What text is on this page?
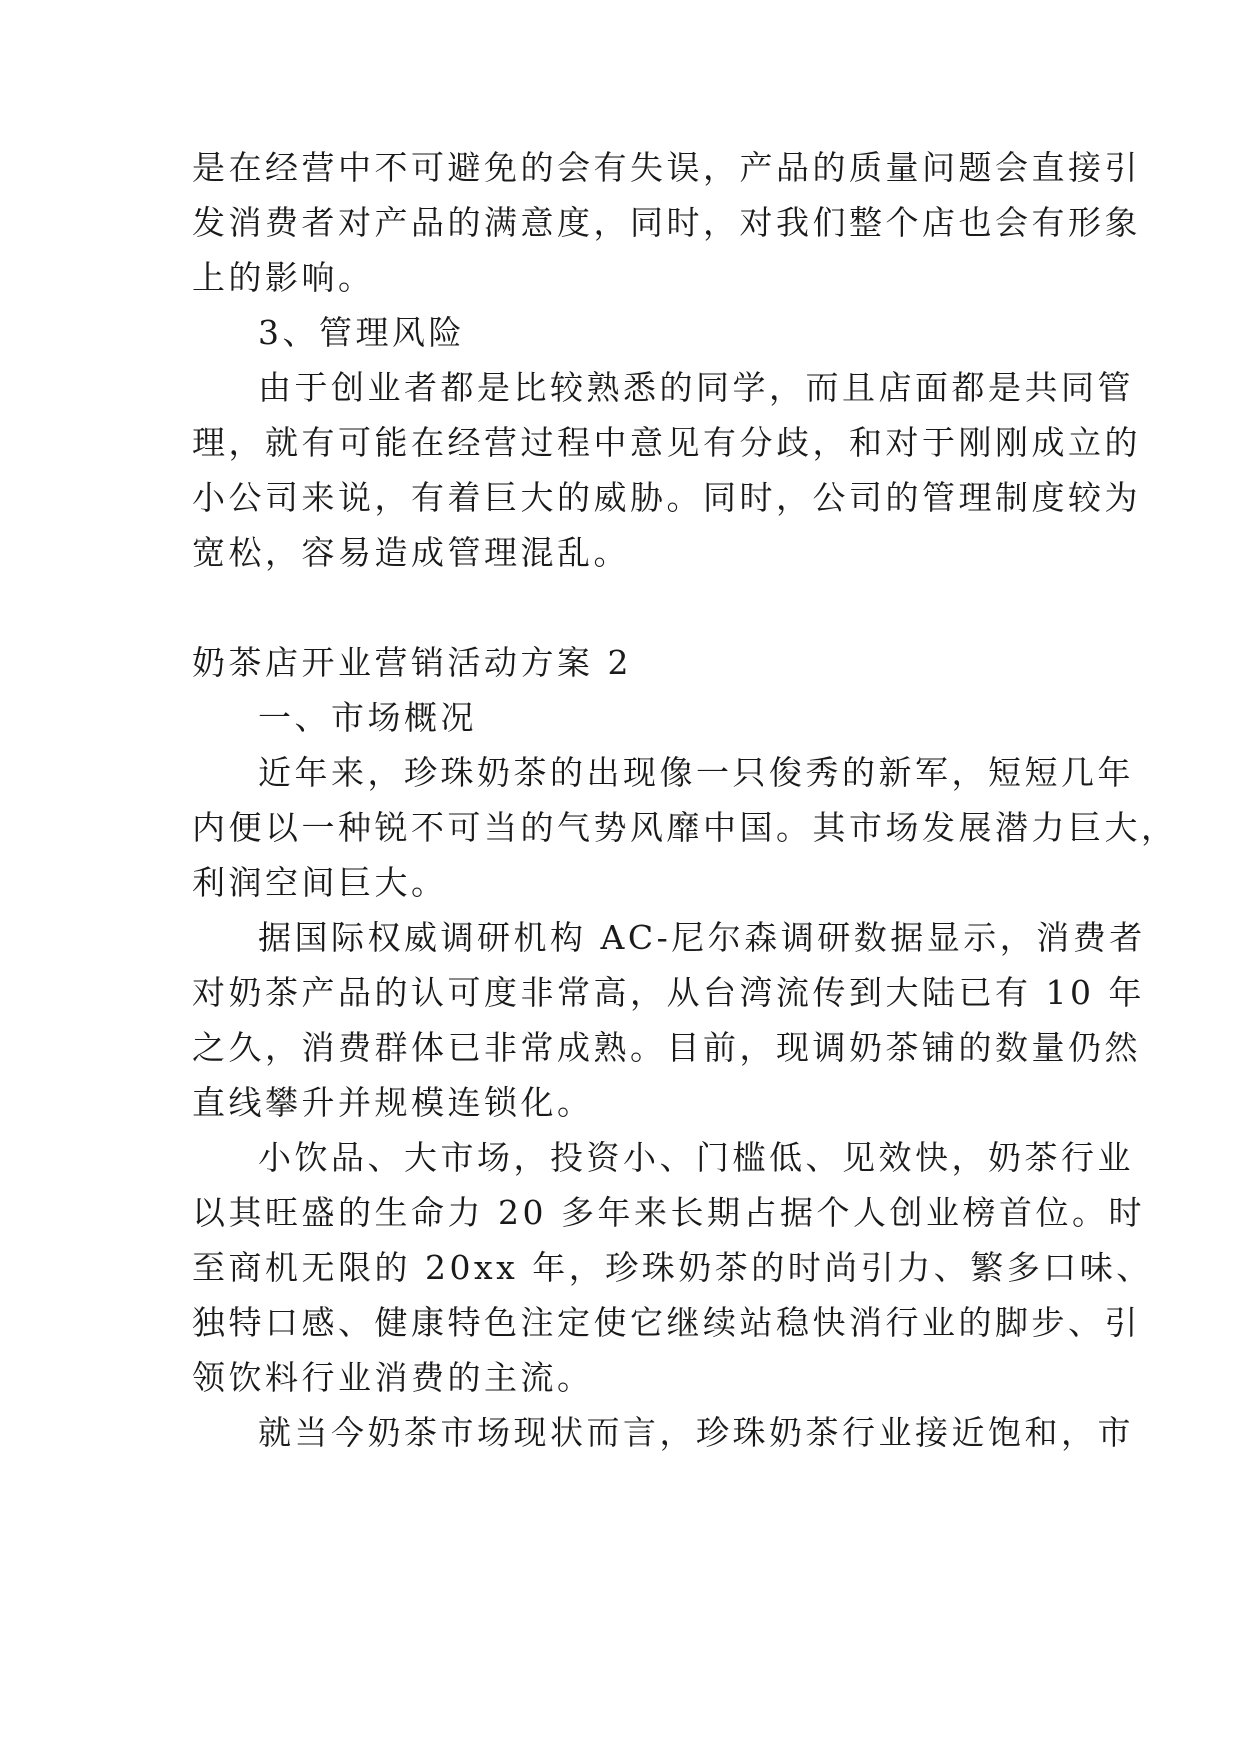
是在经营中不可避免的会有失误，产品的质量问题会直接引
发消费者对产品的满意度，同时，对我们整个店也会有形象
上的影响。
3、管理风险
由于创业者都是比较熟悉的同学，而且店面都是共同管
理，就有可能在经营过程中意见有分歧，和对于刚刚成立的
小公司来说，有着巨大的威胁。同时，公司的管理制度较为
宽松，容易造成管理混乱。
奶茶店开业营销活动方案 2
一、市场概况
近年来，珍珠奶茶的出现像一只俊秀的新军，短短几年
内便以一种锐不可当的气势风靡中国。其市场发展潜力巨大，
利润空间巨大。
据国际权威调研机构 AC-尼尔森调研数据显示，消费者
对奶茶产品的认可度非常高，从台湾流传到大陆已有 10 年
之久，消费群体已非常成熟。目前，现调奶茶铺的数量仍然
直线攀升并规模连锁化。
小饮品、大市场，投资小、门槛低、见效快，奶茶行业
以其旺盛的生命力 20 多年来长期占据个人创业榜首位。时
至商机无限的 20xx 年，珍珠奶茶的时尚引力、繁多口味、
独特口感、健康特色注定使它继续站稳快消行业的脚步、引
领饮料行业消费的主流。
就当今奶茶市场现状而言，珍珠奶茶行业接近饱和，市
